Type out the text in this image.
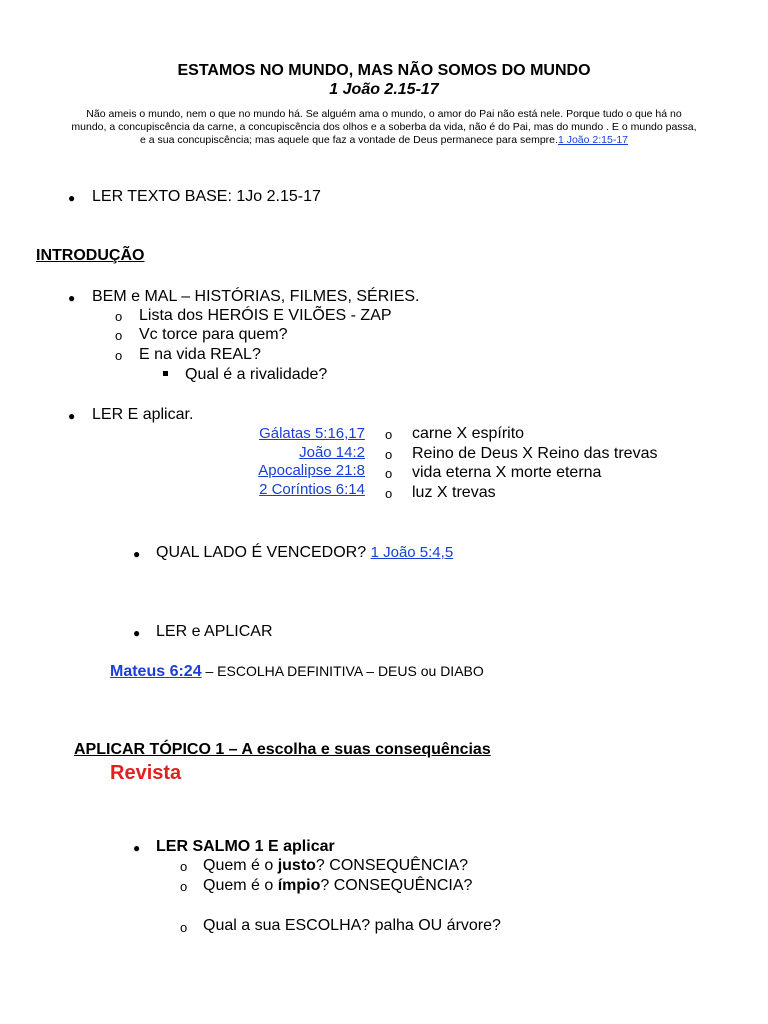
ESTAMOS NO MUNDO, MAS NÃO SOMOS DO MUNDO
1 João 2.15-17
Não ameis o mundo, nem o que no mundo há. Se alguém ama o mundo, o amor do Pai não está nele. Porque tudo o que há no
mundo, a concupiscência da carne, a concupiscência dos olhos e a soberba da vida, não é do Pai, mas do mundo . E o mundo passa,
e a sua concupiscência; mas aquele que faz a vontade de Deus permanece para sempre.1 João 2:15-17
● LER TEXTO BASE: 1Jo 2.15-17
INTRODUÇÃO
● BEM e MAL – HISTÓRIAS, FILMES, SÉRIES.
o Lista dos HERÓIS E VILÕES - ZAP
o Vc torce para quem?
o E na vida REAL?
Qual é a rivalidade?
● LER E aplicar.
Gálatas 5:16,17
João 14:2
Apocalipse 21:8
2 Coríntios 6:14
o carne X espírito
o Reino de Deus X Reino das trevas
o vida eterna X morte eterna
o luz X trevas
● QUAL LADO É VENCEDOR? 1 João 5:4,5
● LER e APLICAR
Mateus 6:24 – ESCOLHA DEFINITIVA – DEUS ou DIABO
APLICAR TÓPICO 1 – A escolha e suas consequências
Revista
● LER SALMO 1 E aplicar
o Quem é o justo? CONSEQUÊNCIA?
o Quem é o ímpio? CONSEQUÊNCIA?
o Qual a sua ESCOLHA? palha OU árvore?
